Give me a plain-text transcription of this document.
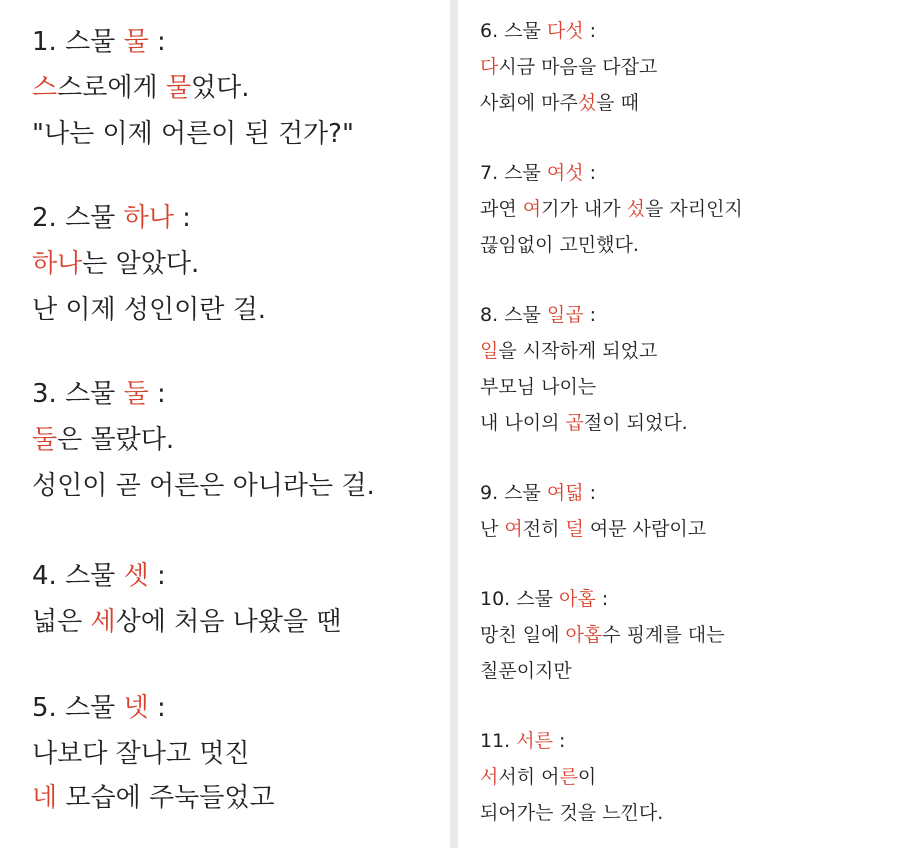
1. 스물 물 :
스스로에게 물었다.
"나는 이제 어른이 된 건가?"
2. 스물 하나 :
하나는 알았다.
난 이제 성인이란 걸.
3. 스물 둘 :
둘은 몰랐다.
성인이 곧 어른은 아니라는 걸.
4. 스물 셋 :
넓은 세상에 처음 나왔을 땐
5. 스물 넷 :
나보다 잘나고 멋진
네 모습에 주눅들었고
6. 스물 다섯 :
다시금 마음을 다잡고
사회에 마주섰을 때
7. 스물 여섯 :
과연 여기가 내가 섰을 자리인지
끊임없이 고민했다.
8. 스물 일곱 :
일을 시작하게 되었고
부모님 나이는
내 나이의 곱절이 되었다.
9. 스물 여덟 :
난 여전히 덜 여문 사람이고
10. 스물 아홉 :
망친 일에 아홉수 핑계를 대는
칠푼이지만
11. 서른 :
서서히 어른이
되어가는 것을 느낀다.
